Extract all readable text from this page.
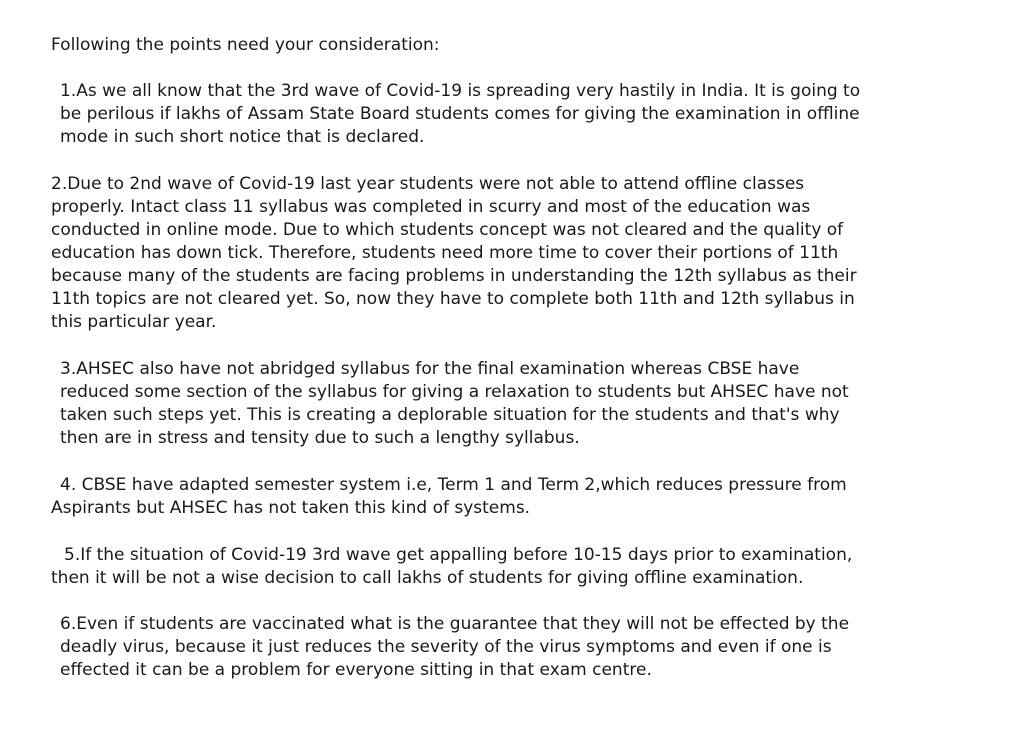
Following the points need your consideration:

1.As we all know that the 3rd wave of Covid-19 is spreading very hastily in India. It is going to
be perilous if lakhs of Assam State Board students comes for giving the examination in offline
mode in such short notice that is declared.

2.Due to 2nd wave of Covid-19 last year students were not able to attend offline classes
properly. Intact class 11 syllabus was completed in scurry and most of the education was
conducted in online mode. Due to which students concept was not cleared and the quality of
education has down tick. Therefore, students need more time to cover their portions of 11th
because many of the students are facing problems in understanding the 12th syllabus as their
11th topics are not cleared yet. So, now they have to complete both 11th and 12th syllabus in
this particular year.

3.AHSEC also have not abridged syllabus for the final examination whereas CBSE have
reduced some section of the syllabus for giving a relaxation to students but AHSEC have not
taken such steps yet. This is creating a deplorable situation for the students and that's why
then are in stress and tensity due to such a lengthy syllabus.

4. CBSE have adapted semester system i.e, Term 1 and Term 2,which reduces pressure from
Aspirants but AHSEC has not taken this kind of systems.

5.If the situation of Covid-19 3rd wave get appalling before 10-15 days prior to examination,
then it will be not a wise decision to call lakhs of students for giving offline examination.

6.Even if students are vaccinated what is the guarantee that they will not be effected by the
deadly virus, because it just reduces the severity of the virus symptoms and even if one is
effected it can be a problem for everyone sitting in that exam centre.
